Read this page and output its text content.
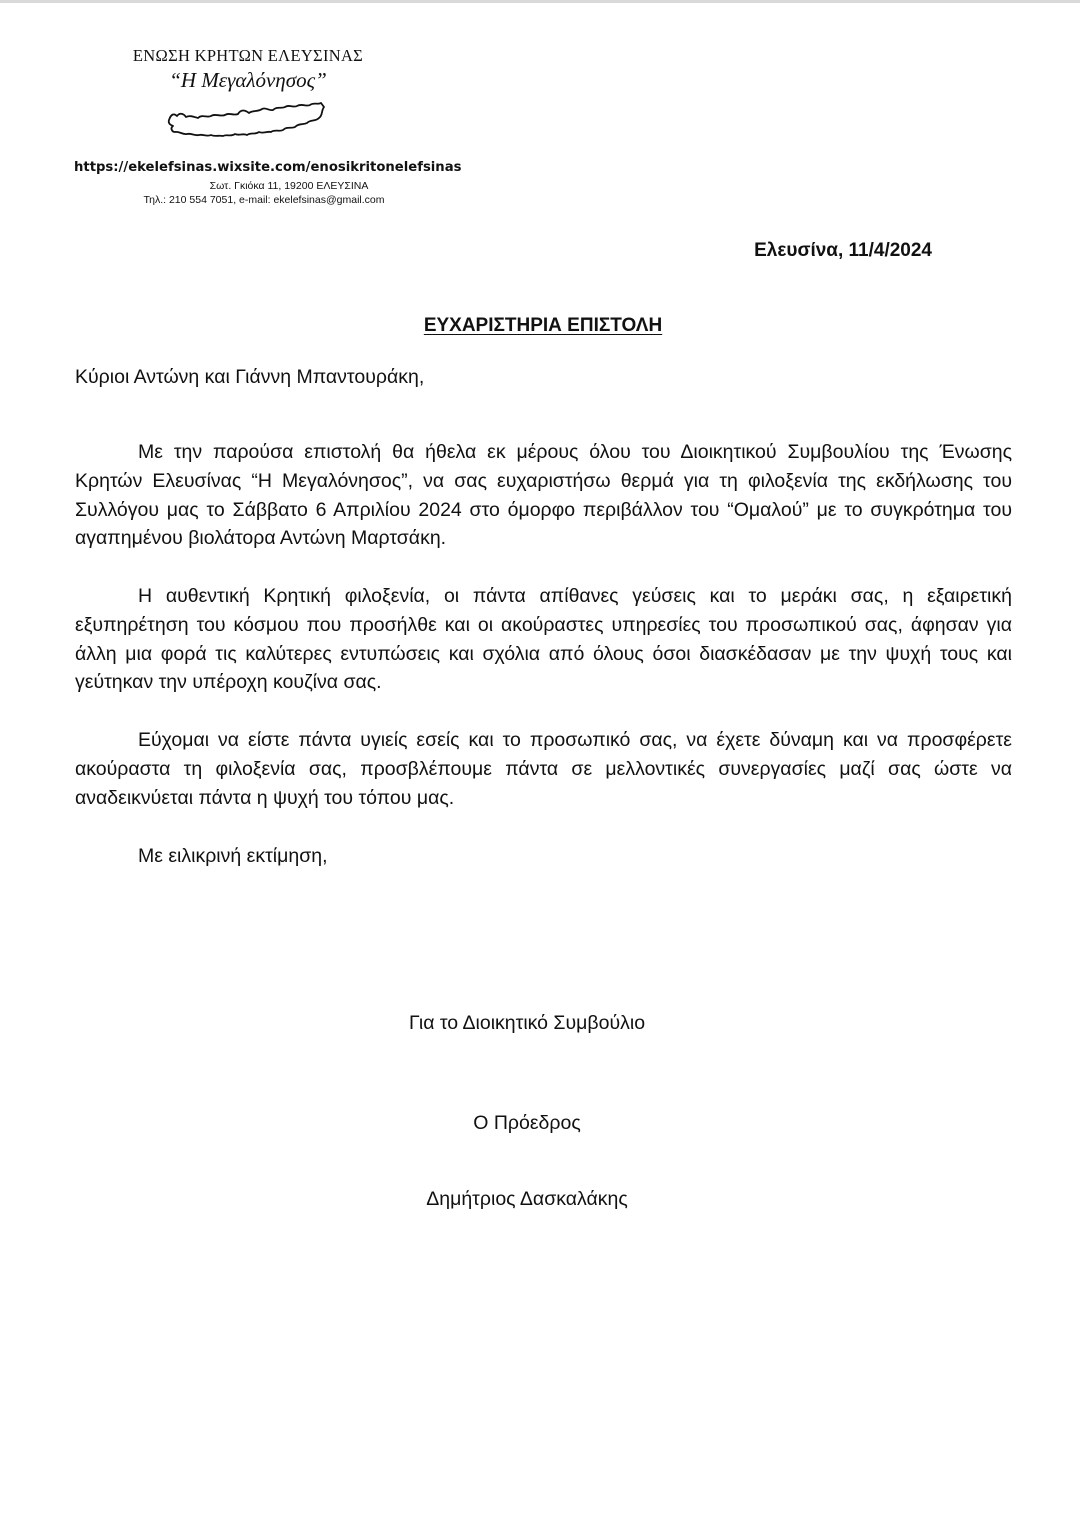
ΕΝΩΣΗ ΚΡΗΤΩΝ ΕΛΕΥΣΙΝΑΣ
“Η Μεγαλόνησος”
https://ekelefsinas.wixsite.com/enosikritonelefsinas
Σωτ. Γκιόκα 11, 19200 ΕΛΕΥΣΙΝΑ
Τηλ.: 210 554 7051, e-mail: ekelefsinas@gmail.com
Ελευσίνα, 11/4/2024
ΕΥΧΑΡΙΣΤΗΡΙΑ ΕΠΙΣΤΟΛΗ
Κύριοι Αντώνη και Γιάννη Μπαντουράκη,

Με την παρούσα επιστολή θα ήθελα εκ μέρους όλου του Διοικητικού Συμβουλίου της Ένωσης Κρητών Ελευσίνας “Η Μεγαλόνησος”, να σας ευχαριστήσω θερμά για τη φιλοξενία της εκδήλωσης του Συλλόγου μας το Σάββατο 6 Απριλίου 2024 στο όμορφο περιβάλλον του “Ομαλού” με το συγκρότημα του αγαπημένου βιολάτορα Αντώνη Μαρτσάκη.

Η αυθεντική Κρητική φιλοξενία, οι πάντα απίθανες γεύσεις και το μεράκι σας, η εξαιρετική εξυπηρέτηση του κόσμου που προσήλθε και οι ακούραστες υπηρεσίες του προσωπικού σας, άφησαν για άλλη μια φορά τις καλύτερες εντυπώσεις και σχόλια από όλους όσοι διασκέδασαν με την ψυχή τους και γεύτηκαν την υπέροχη κουζίνα σας.

Εύχομαι να είστε πάντα υγιείς εσείς και το προσωπικό σας, να έχετε δύναμη και να προσφέρετε ακούραστα τη φιλοξενία σας, προσβλέπουμε πάντα σε μελλοντικές συνεργασίες μαζί σας ώστε να αναδεικνύεται πάντα η ψυχή του τόπου μας.

Με ειλικρινή εκτίμηση,
Για το Διοικητικό Συμβούλιο
Ο Πρόεδρος
Δημήτριος Δασκαλάκης
